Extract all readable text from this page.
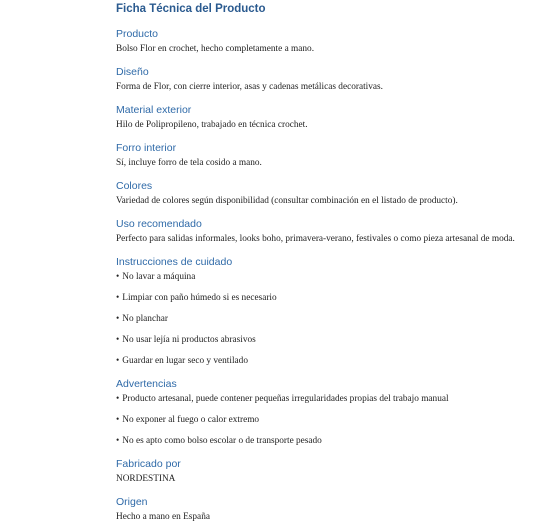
Ficha Técnica del Producto
Producto

Bolso Flor en crochet, hecho completamente a mano.

Diseño

Forma de Flor, con cierre interior, asas y cadenas metálicas decorativas.

Material exterior

Hilo de Polipropileno, trabajado en técnica crochet.

Forro interior

Sí, incluye forro de tela cosido a mano.

Colores

Variedad de colores según disponibilidad (consultar combinación en el listado de producto).

Uso recomendado

Perfecto para salidas informales, looks boho, primavera-verano, festivales o como pieza artesanal de moda.

Instrucciones de cuidado
• No lavar a máquina
• Limpiar con paño húmedo si es necesario
• No planchar
• No usar lejía ni productos abrasivos
• Guardar en lugar seco y ventilado
Advertencias
• Producto artesanal, puede contener pequeñas irregularidades propias del trabajo manual
• No exponer al fuego o calor extremo
• No es apto como bolso escolar o de transporte pesado
Fabricado por

NORDESTINA

Origen

Hecho a mano en España
